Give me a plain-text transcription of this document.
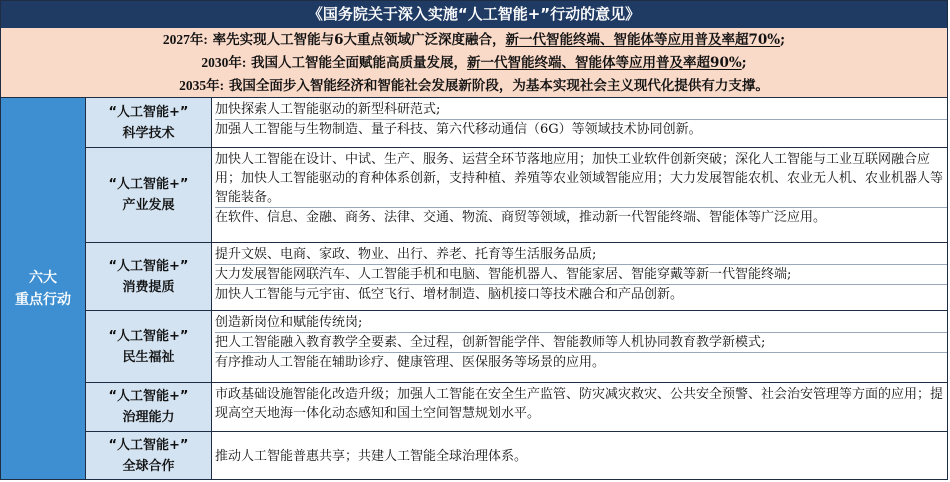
《国务院关于深入实施“人工智能+”行动的意见》
2027年: 率先实现人工智能与6大重点领域广泛深度融合，新一代智能终端、智能体等应用普及率超70%;
2030年: 我国人工智能全面赋能高质量发展，新一代智能终端、智能体等应用普及率超90%;
2035年: 我国全面步入智能经济和智能社会发展新阶段，为基本实现社会主义现代化提供有力支撑。
六大
重点行动
“人工智能+”
科学技术
加快探索人工智能驱动的新型科研范式;
加强人工智能与生物制造、量子科技、第六代移动通信（6G）等领域技术协同创新。
“人工智能+”
产业发展
加快人工智能在设计、中试、生产、服务、运营全环节落地应用；加快工业软件创新突破；深化人工智能与工业互联网融合应用；加快人工智能驱动的育种体系创新，支持种植、养殖等农业领域智能应用；大力发展智能农机、农业无人机、农业机器人等智能装备。
在软件、信息、金融、商务、法律、交通、物流、商贸等领域，推动新一代智能终端、智能体等广泛应用。
“人工智能+”
消费提质
提升文娱、电商、家政、物业、出行、养老、托育等生活服务品质;
大力发展智能网联汽车、人工智能手机和电脑、智能机器人、智能家居、智能穿戴等新一代智能终端;
加快人工智能与元宇宙、低空飞行、增材制造、脑机接口等技术融合和产品创新。
“人工智能+”
民生福祉
创造新岗位和赋能传统岗;
把人工智能融入教育教学全要素、全过程，创新智能学伴、智能教师等人机协同教育教学新模式;
有序推动人工智能在辅助诊疗、健康管理、医保服务等场景的应用。
“人工智能+”
治理能力
市政基础设施智能化改造升级；加强人工智能在安全生产监管、防灾减灾救灾、公共安全预警、社会治安管理等方面的应用；提现高空天地海一体化动态感知和国土空间智慧规划水平。
“人工智能+”
全球合作
推动人工智能普惠共享；共建人工智能全球治理体系。
